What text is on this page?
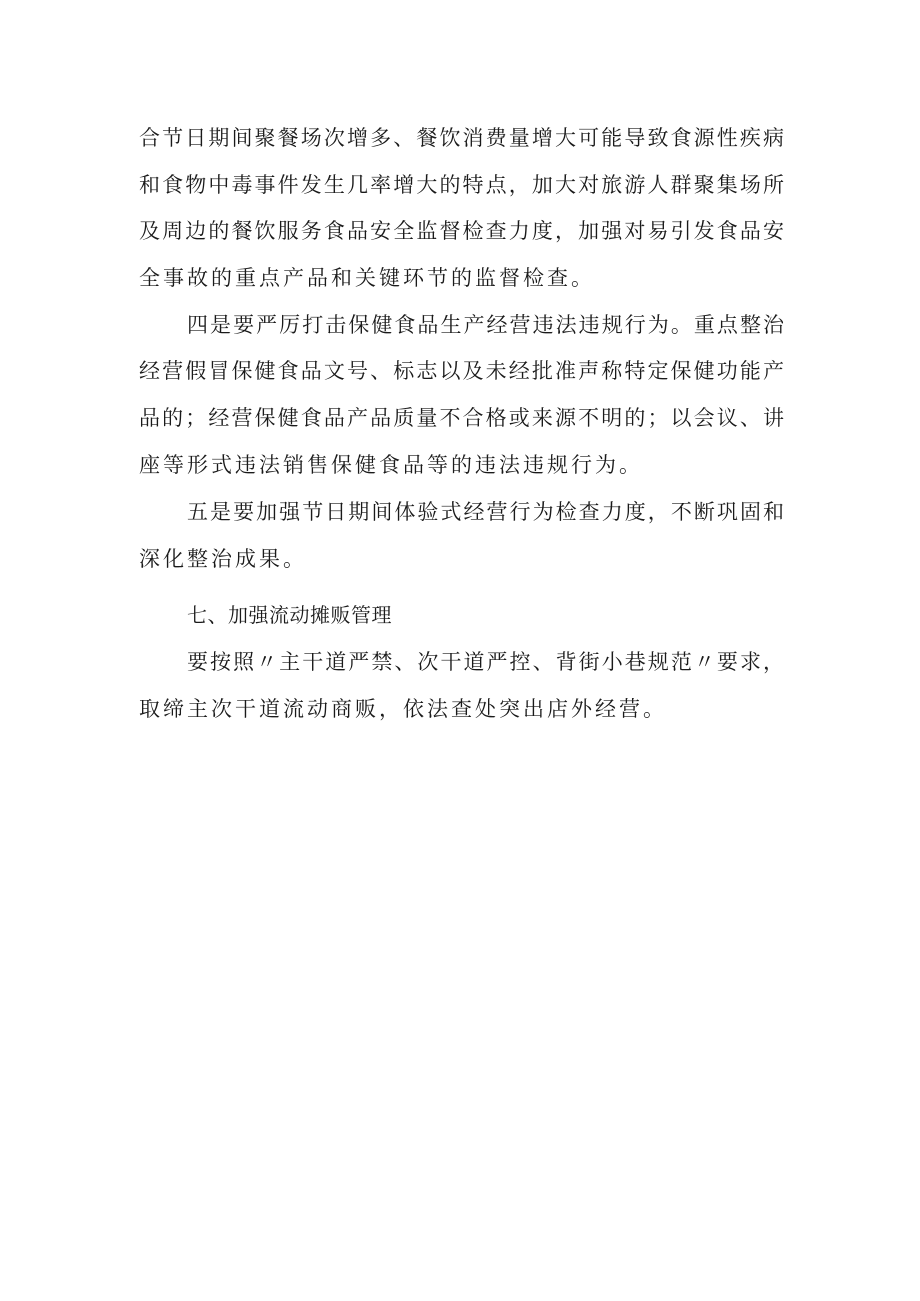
合节日期间聚餐场次增多、餐饮消费量增大可能导致食源性疾病
和食物中毒事件发生几率增大的特点，加大对旅游人群聚集场所
及周边的餐饮服务食品安全监督检查力度，加强对易引发食品安
全事故的重点产品和关键环节的监督检查。
四是要严厉打击保健食品生产经营违法违规行为。重点整治
经营假冒保健食品文号、标志以及未经批准声称特定保健功能产
品的；经营保健食品产品质量不合格或来源不明的；以会议、讲
座等形式违法销售保健食品等的违法违规行为。
五是要加强节日期间体验式经营行为检查力度，不断巩固和
深化整治成果。
七、加强流动摊贩管理
要按照〃主干道严禁、次干道严控、背街小巷规范〃要求，
取缔主次干道流动商贩，依法查处突出店外经营。
